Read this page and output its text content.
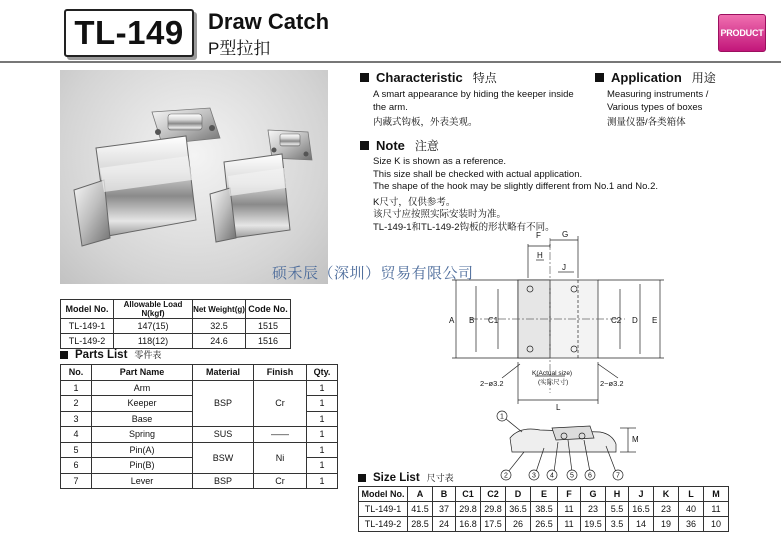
TL-149 Draw Catch
P型拉扣
PRODUCT
Characteristic 特点
A smart appearance by hiding the keeper inside
the arm.
内藏式钩板，外表美观。
Application 用途
Measuring instruments /
Various types of boxes
测量仪器/各类箱体
Note 注意
Size K is shown as a reference.
This size shall be checked with actual application.
The shape of the hook may be slightly different from No.1 and No.2.
K尺寸，仅供参考。
该尺寸应按照实际安装时为准。
TL-149-1和TL-149-2钩板的形状略有不同。
F	G
H
J
A B C1	C2 D E
L
M
2−ø3.2	2−ø3.2
K(Actual size)
(实际尺寸)
1
2	3 4 5 6	7
硕禾辰（深圳）贸易有限公司
Model No.	Allowable Load N(kgf)	Net Weight(g)	Code No.
TL-149-1	147(15)	32.5	1515
TL-149-2	118(12)	24.6	1516
Parts List 零件表
No.	Part Name	Material	Finish	Qty.
1	Arm	BSP	Cr	1
2	Keeper			1
3	Base			1
4	Spring	SUS	——	1
5	Pin(A)	BSW	Ni	1
6	Pin(B)			1
7	Lever	BSP	Cr	1	Size List 尺寸表
Model No.	A	B	C1	C2	D	E	F	G	H	J	K	L	M
TL-149-1	41.5	37	29.8	29.8	36.5	38.5	11	23	5.5	16.5	23	40	11
TL-149-2	28.5	24	16.8	17.5	26	26.5	11	19.5	3.5	14	19	36	10
